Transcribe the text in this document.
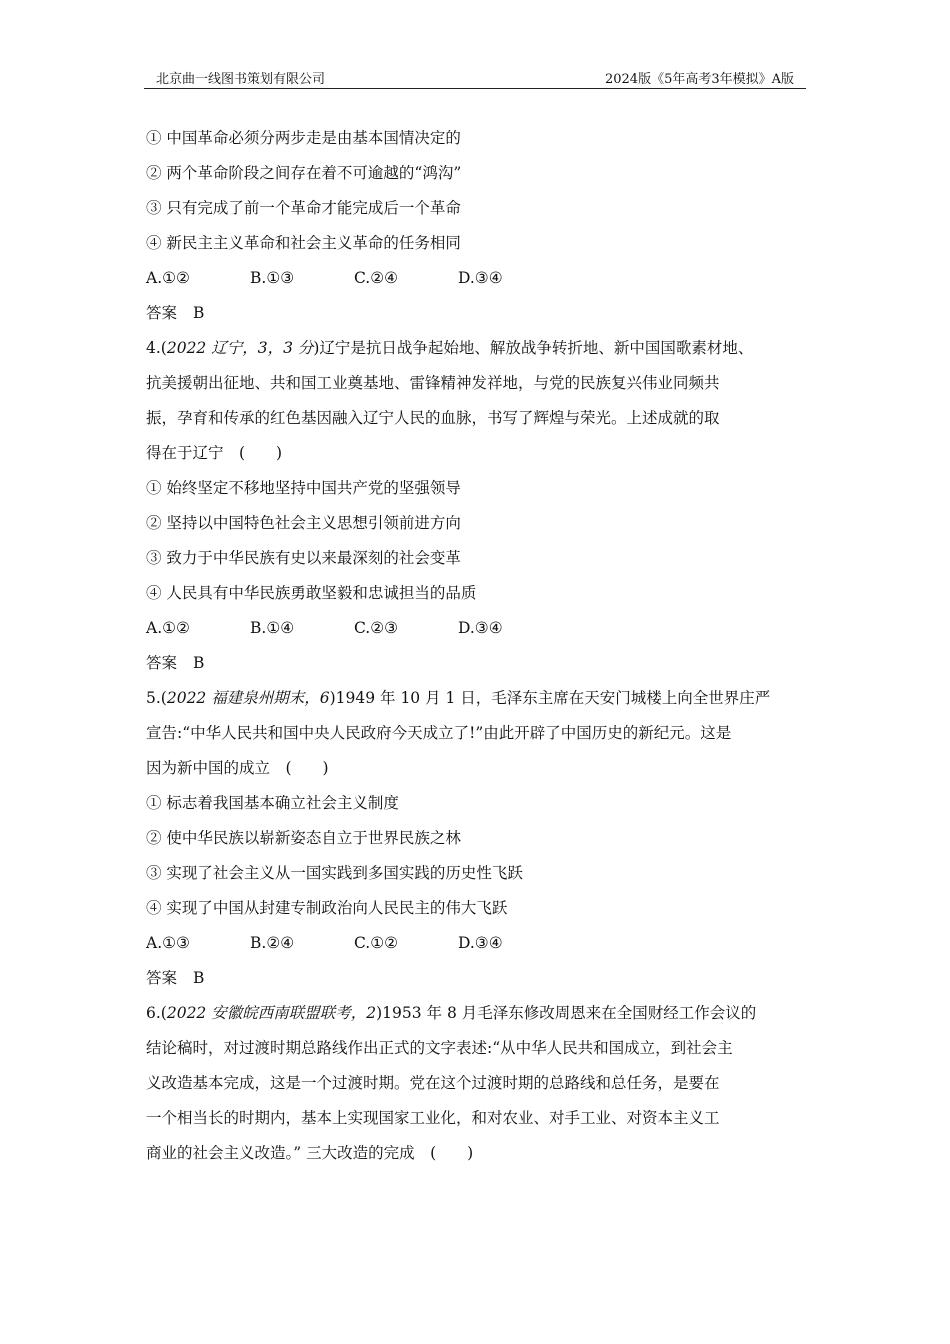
北京曲一线图书策划有限公司	2024版《5年高考3年模拟》A版
① 中国革命必须分两步走是由基本国情决定的
② 两个革命阶段之间存在着不可逾越的“鸿沟”
③ 只有完成了前一个革命才能完成后一个革命
④ 新民主主义革命和社会主义革命的任务相同
A.①②	B.①③	C.②④	D.③④
答案 B
4.(2022 辽宁，3，3 分)辽宁是抗日战争起始地、解放战争转折地、新中国国歌素材地、
抗美援朝出征地、共和国工业奠基地、雷锋精神发祥地，与党的民族复兴伟业同频共
振，孕育和传承的红色基因融入辽宁人民的血脉，书写了辉煌与荣光。上述成就的取
得在于辽宁　(　　)
① 始终坚定不移地坚持中国共产党的坚强领导
② 坚持以中国特色社会主义思想引领前进方向
③ 致力于中华民族有史以来最深刻的社会变革
④ 人民具有中华民族勇敢坚毅和忠诚担当的品质
A.①②	B.①④	C.②③	D.③④
答案 B
5.(2022 福建泉州期末，6)1949 年 10 月 1 日，毛泽东主席在天安门城楼上向全世界庄严
宣告:“中华人民共和国中央人民政府今天成立了!”由此开辟了中国历史的新纪元。这是
因为新中国的成立　(　　)
① 标志着我国基本确立社会主义制度
② 使中华民族以崭新姿态自立于世界民族之林
③ 实现了社会主义从一国实践到多国实践的历史性飞跃
④ 实现了中国从封建专制政治向人民民主的伟大飞跃
A.①③	B.②④	C.①②	D.③④
答案 B
6.(2022 安徽皖西南联盟联考，2)1953 年 8 月毛泽东修改周恩来在全国财经工作会议的
结论稿时，对过渡时期总路线作出正式的文字表述:“从中华人民共和国成立，到社会主
义改造基本完成，这是一个过渡时期。党在这个过渡时期的总路线和总任务，是要在
一个相当长的时期内，基本上实现国家工业化，和对农业、对手工业、对资本主义工
商业的社会主义改造。” 三大改造的完成　(　　)
